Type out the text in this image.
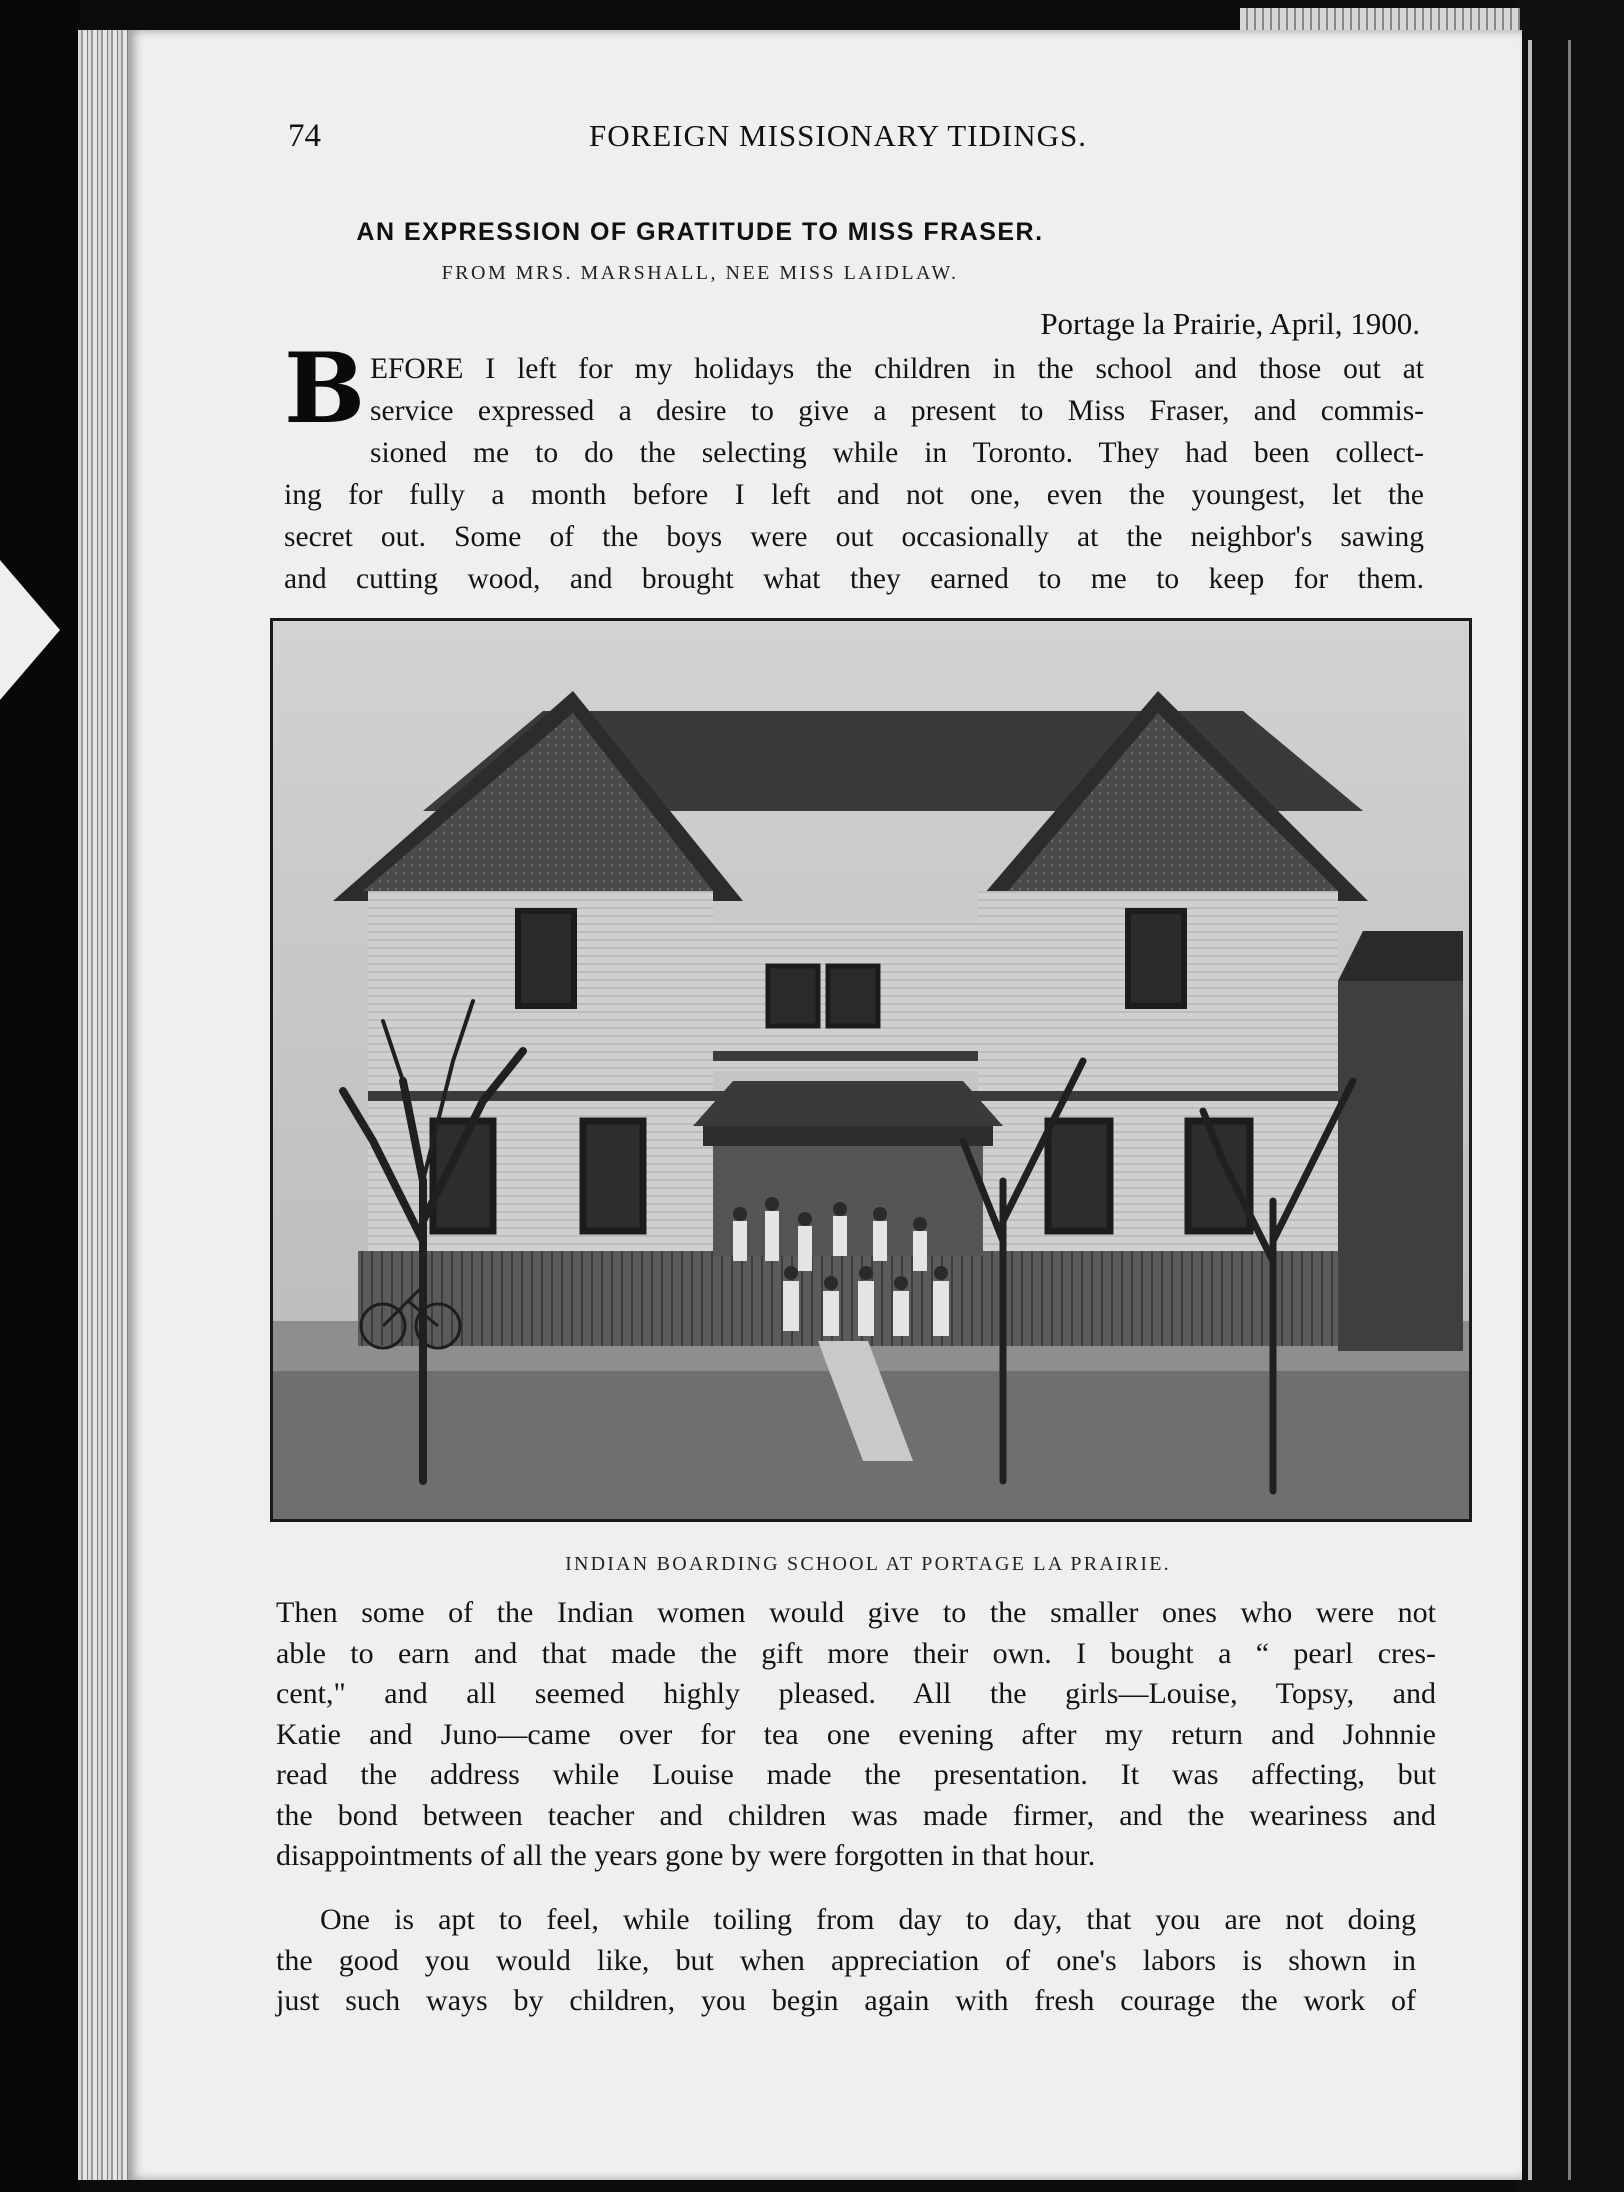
74	FOREIGN MISSIONARY TIDINGS.
AN EXPRESSION OF GRATITUDE TO MISS FRASER.
FROM MRS. MARSHALL, NEE MISS LAIDLAW.
Portage la Prairie, April, 1900.
B EFORE I left for my holidays the children in the school and those out at
service expressed a desire to give a present to Miss Fraser, and commis-
sioned me to do the selecting while in Toronto. They had been collect-
ing for fully a month before I left and not one, even the youngest, let the
secret out. Some of the boys were out occasionally at the neighbor's sawing
and cutting wood, and brought what they earned to me to keep for them.
INDIAN BOARDING SCHOOL AT PORTAGE LA PRAIRIE.
Then some of the Indian women would give to the smaller ones who were not
able to earn and that made the gift more their own. I bought a “ pearl cres-
cent," and all seemed highly pleased. All the girls—Louise, Topsy, and
Katie and Juno—came over for tea one evening after my return and Johnnie
read the address while Louise made the presentation. It was affecting, but
the bond between teacher and children was made firmer, and the weariness and
disappointments of all the years gone by were forgotten in that hour.
One is apt to feel, while toiling from day to day, that you are not doing
the good you would like, but when appreciation of one's labors is shown in
just such ways by children, you begin again with fresh courage the work of
